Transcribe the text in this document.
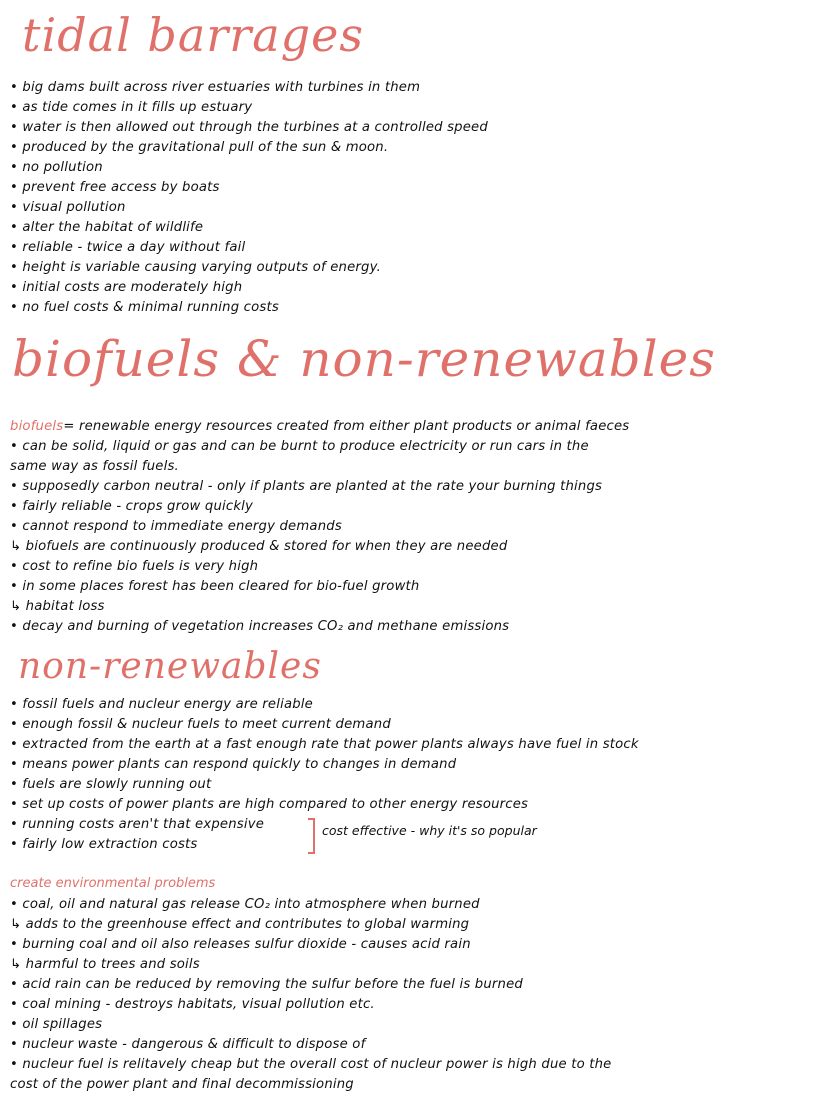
tidal barrages
• big dams built across river estuaries with turbines in them
• as tide comes in it fills up estuary
• water is then allowed out through the turbines at a controlled speed
• produced by the gravitational pull of the sun & moon.
• no pollution
• prevent free access by boats
• visual pollution
• alter the habitat of wildlife
• reliable - twice a day without fail
• height is variable causing varying outputs of energy.
• initial costs are moderately high
• no fuel costs & minimal running costs
biofuels & non-renewables
biofuels= renewable energy resources created from either plant products or animal faeces
• can be solid, liquid or gas and can be burnt to produce electricity or run cars in the
same way as fossil fuels.
• supposedly carbon neutral - only if plants are planted at the rate your burning things
• fairly reliable - crops grow quickly
• cannot respond to immediate energy demands
↳ biofuels are continuously produced & stored for when they are needed
• cost to refine bio fuels is very high
• in some places forest has been cleared for bio-fuel growth
↳ habitat loss
• decay and burning of vegetation increases CO₂ and methane emissions
non-renewables
• fossil fuels and nucleur energy are reliable
• enough fossil & nucleur fuels to meet current demand
• extracted from the earth at a fast enough rate that power plants always have fuel in stock
• means power plants can respond quickly to changes in demand
• fuels are slowly running out
• set up costs of power plants are high compared to other energy resources
• running costs aren't that expensive
• fairly low extraction costs
cost effective - why it's so popular
create environmental problems
• coal, oil and natural gas release CO₂ into atmosphere when burned
↳ adds to the greenhouse effect and contributes to global warming
• burning coal and oil also releases sulfur dioxide - causes acid rain
↳ harmful to trees and soils
• acid rain can be reduced by removing the sulfur before the fuel is burned
• coal mining - destroys habitats, visual pollution etc.
• oil spillages
• nucleur waste - dangerous & difficult to dispose of
• nucleur fuel is relitavely cheap but the overall cost of nucleur power is high due to the
cost of the power plant and final decommissioning
